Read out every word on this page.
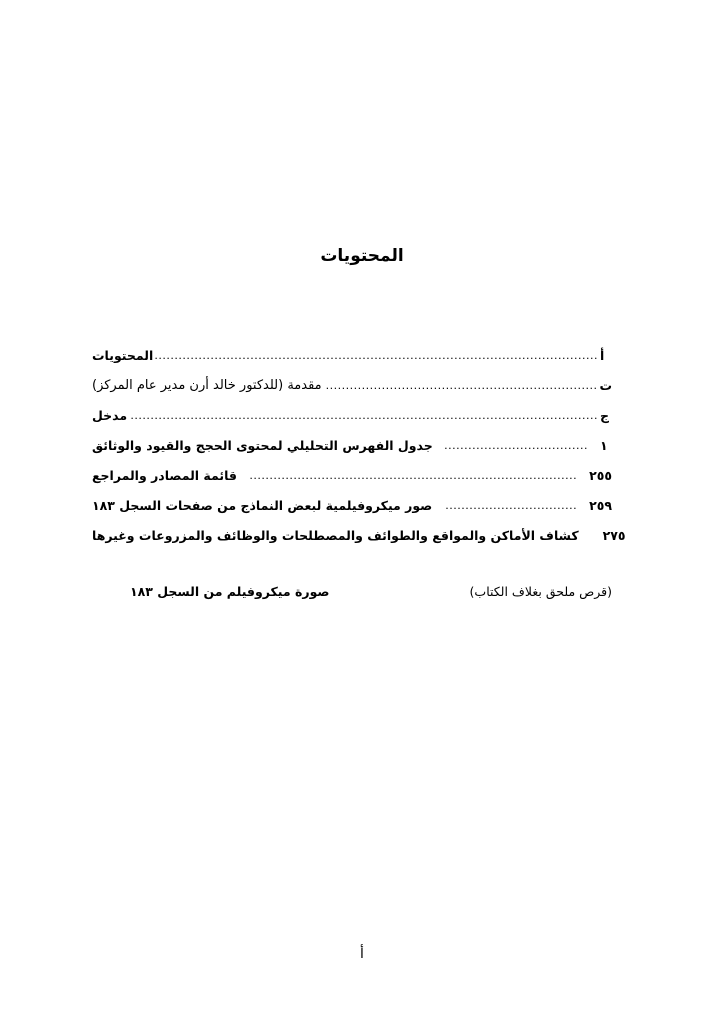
المحتويات
المحتويات .....	أ
مقدمة (للدكتور خالد أرن مدير عام المركز) .....	ت
مدخل .....	ج
جدول الفهرس التحليلي لمحتوى الحجج والقيود والوثائق .....	١
قائمة المصادر والمراجع .....	٢٥٥
صور ميكروفيلمية لبعض النماذج من صفحات السجل ١٨٣ .....	٢٥٩
كشاف الأماكن والمواقع والطوائف والمصطلحات والوظائف والمزروعات وغيرها ٢٧٥
صورة ميكروفيلم من السجل ١٨٣	(قرص ملحق بغلاف الكتاب)
أ
